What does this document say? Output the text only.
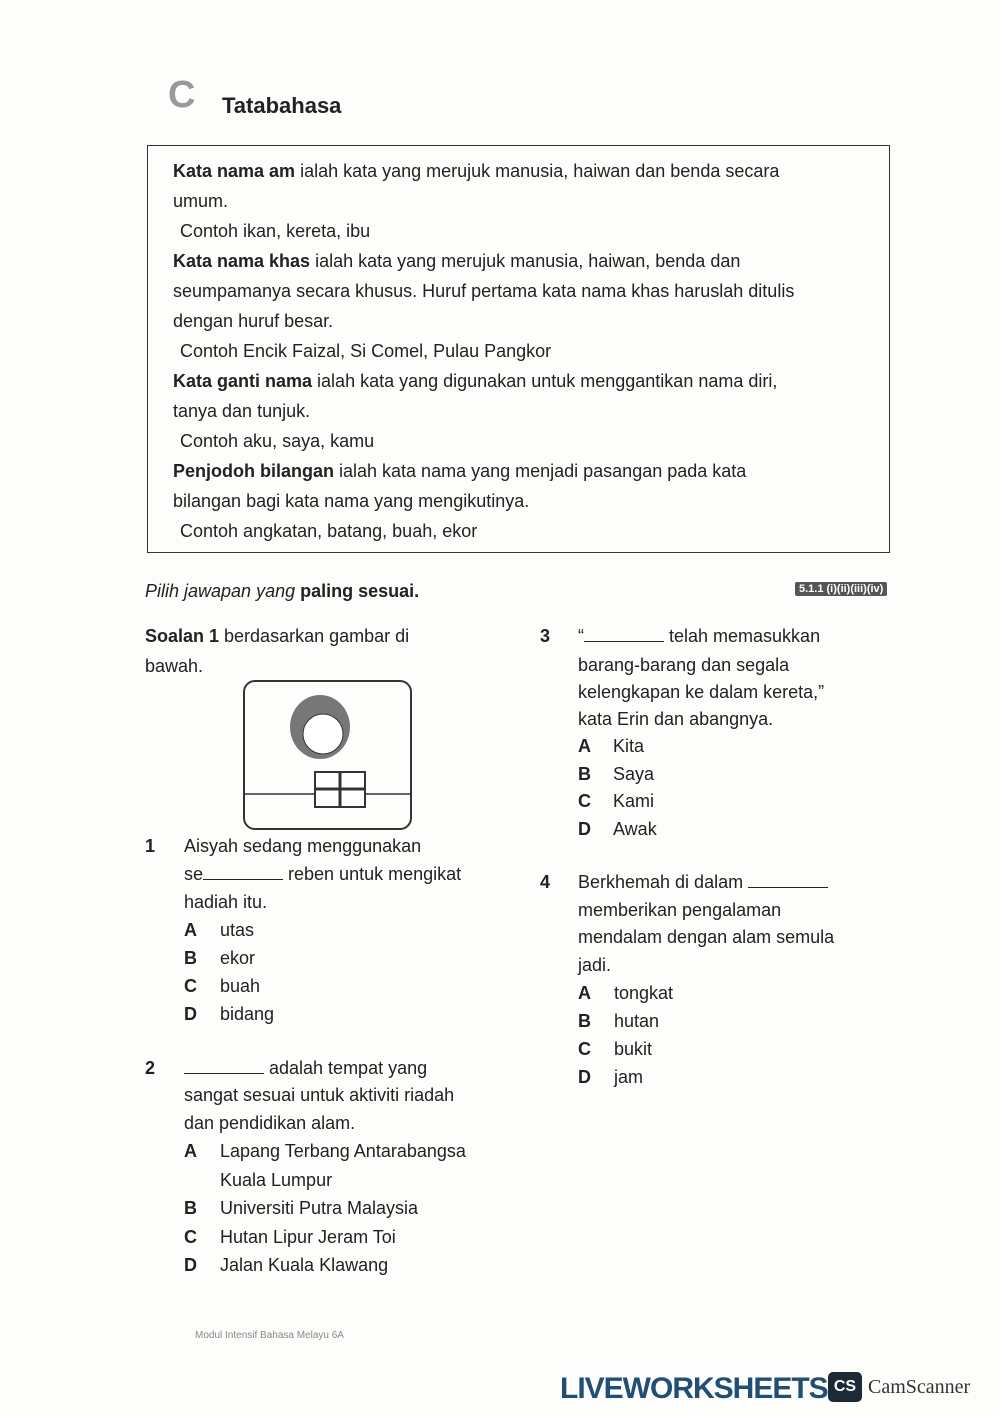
C Tatabahasa
Kata nama am ialah kata yang merujuk manusia, haiwan dan benda secara
umum.
Contoh ikan, kereta, ibu
Kata nama khas ialah kata yang merujuk manusia, haiwan, benda dan
seumpamanya secara khusus. Huruf pertama kata nama khas haruslah ditulis
dengan huruf besar.
Contoh Encik Faizal, Si Comel, Pulau Pangkor
Kata ganti nama ialah kata yang digunakan untuk menggantikan nama diri,
tanya dan tunjuk.
Contoh aku, saya, kamu
Penjodoh bilangan ialah kata nama yang menjadi pasangan pada kata
bilangan bagi kata nama yang mengikutinya.
Contoh angkatan, batang, buah, ekor
Pilih jawapan yang paling sesuai.	5.1.1 (i)(ii)(iii)(iv)
Soalan 1 berdasarkan gambar di
bawah.
1 Aisyah sedang menggunakan
se	reben untuk mengikat
hadiah itu.
A utas
B ekor
C buah
D bidang
2	adalah tempat yang
sangat sesuai untuk aktiviti riadah
dan pendidikan alam.
A Lapang Terbang Antarabangsa
Kuala Lumpur
B Universiti Putra Malaysia
C Hutan Lipur Jeram Toi
D Jalan Kuala Klawang
3 “	telah memasukkan
barang-barang dan segala
kelengkapan ke dalam kereta,”
kata Erin dan abangnya.
A Kita
B Saya
C Kami
D Awak
4 Berkhemah di dalam
memberikan pengalaman
mendalam dengan alam semula
jadi.
A tongkat
B hutan
C bukit
D jam
Modul Intensif Bahasa Melayu 6A
LIVEWORKSHEETS CS CamScanner
